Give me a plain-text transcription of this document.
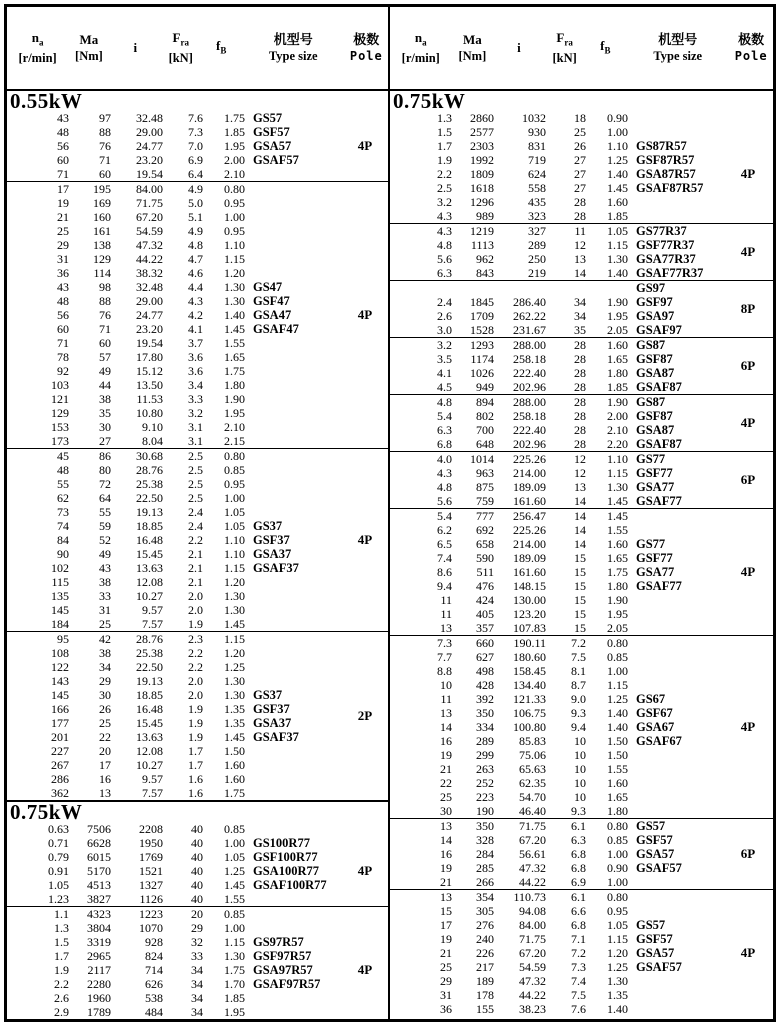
$n_a$
[r/min]
Ma
[Nm]
i
$F_{ra}$
[kN]
$f_B$
机型号
Type size
极数
Pole
$n_a$
[r/min]
Ma
[Nm]
i
$F_{ra}$
[kN]
$f_B$
机型号
Type size
极数
Pole
0.55kW
43	97	32.48	7.6	1.75
48	88	29.00	7.3	1.85
56	76	24.77	7.0	1.95
60	71	23.20	6.9	2.00
71	60	19.54	6.4	2.10
GS57
GSF57
GSA57
GSAF57
4P
17	195	84.00	4.9	0.80
19	169	71.75	5.0	0.95
21	160	67.20	5.1	1.00
25	161	54.59	4.9	0.95
29	138	47.32	4.8	1.10
31	129	44.22	4.7	1.15
36	114	38.32	4.6	1.20
43	98	32.48	4.4	1.30
48	88	29.00	4.3	1.30
56	76	24.77	4.2	1.40
60	71	23.20	4.1	1.45
71	60	19.54	3.7	1.55
78	57	17.80	3.6	1.65
92	49	15.12	3.6	1.75
103	44	13.50	3.4	1.80
121	38	11.53	3.3	1.90
129	35	10.80	3.2	1.95
153	30	9.10	3.1	2.10
173	27	8.04	3.1	2.15
GS47
GSF47
GSA47
GSAF47
4P
45	86	30.68	2.5	0.80
48	80	28.76	2.5	0.85
55	72	25.38	2.5	0.95
62	64	22.50	2.5	1.00
73	55	19.13	2.4	1.05
74	59	18.85	2.4	1.05
84	52	16.48	2.2	1.10
90	49	15.45	2.1	1.10
102	43	13.63	2.1	1.15
115	38	12.08	2.1	1.20
135	33	10.27	2.0	1.30
145	31	9.57	2.0	1.30
184	25	7.57	1.9	1.45
GS37
GSF37
GSA37
GSAF37
4P
95	42	28.76	2.3	1.15
108	38	25.38	2.2	1.20
122	34	22.50	2.2	1.25
143	29	19.13	2.0	1.30
145	30	18.85	2.0	1.30
166	26	16.48	1.9	1.35
177	25	15.45	1.9	1.35
201	22	13.63	1.9	1.45
227	20	12.08	1.7	1.50
267	17	10.27	1.7	1.60
286	16	9.57	1.6	1.60
362	13	7.57	1.6	1.75
GS37
GSF37
GSA37
GSAF37
2P
0.75kW
0.63	7506	2208	40	0.85
0.71	6628	1950	40	1.00
0.79	6015	1769	40	1.05
0.91	5170	1521	40	1.25
1.05	4513	1327	40	1.45
1.23	3827	1126	40	1.55
GS100R77
GSF100R77
GSA100R77
GSAF100R77
4P
1.1	4323	1223	20	0.85
1.3	3804	1070	29	1.00
1.5	3319	928	32	1.15
1.7	2965	824	33	1.30
1.9	2117	714	34	1.75
2.2	2280	626	34	1.70
2.6	1960	538	34	1.85
2.9	1789	484	34	1.95
GS97R57
GSF97R57
GSA97R57
GSAF97R57
4P
0.75kW
1.3	2860	1032	18	0.90
1.5	2577	930	25	1.00
1.7	2303	831	26	1.10
1.9	1992	719	27	1.25
2.2	1809	624	27	1.40
2.5	1618	558	27	1.45
3.2	1296	435	28	1.60
4.3	989	323	28	1.85
GS87R57
GSF87R57
GSA87R57
GSAF87R57
4P
4.3	1219	327	11	1.05
4.8	1113	289	12	1.15
5.6	962	250	13	1.30
6.3	843	219	14	1.40
GS77R37
GSF77R37
GSA77R37
GSAF77R37
4P
2.4	1845	286.40	34	1.90
2.6	1709	262.22	34	1.95
3.0	1528	231.67	35	2.05
GS97
GSF97
GSA97
GSAF97
8P
3.2	1293	288.00	28	1.60
3.5	1174	258.18	28	1.65
4.1	1026	222.40	28	1.80
4.5	949	202.96	28	1.85
GS87
GSF87
GSA87
GSAF87
6P
4.8	894	288.00	28	1.90
5.4	802	258.18	28	2.00
6.3	700	222.40	28	2.10
6.8	648	202.96	28	2.20
GS87
GSF87
GSA87
GSAF87
4P
4.0	1014	225.26	12	1.10
4.3	963	214.00	12	1.15
4.8	875	189.09	13	1.30
5.6	759	161.60	14	1.45
GS77
GSF77
GSA77
GSAF77
6P
5.4	777	256.47	14	1.45
6.2	692	225.26	14	1.55
6.5	658	214.00	14	1.60
7.4	590	189.09	15	1.65
8.6	511	161.60	15	1.75
9.4	476	148.15	15	1.80
11	424	130.00	15	1.90
11	405	123.20	15	1.95
13	357	107.83	15	2.05
GS77
GSF77
GSA77
GSAF77
4P
7.3	660	190.11	7.2	0.80
7.7	627	180.60	7.5	0.85
8.8	498	158.45	8.1	1.00
10	428	134.40	8.7	1.15
11	392	121.33	9.0	1.25
13	350	106.75	9.3	1.40
14	334	100.80	9.4	1.40
16	289	85.83	10	1.50
19	299	75.06	10	1.50
21	263	65.63	10	1.55
22	252	62.35	10	1.60
25	223	54.70	10	1.65
30	190	46.40	9.3	1.80
GS67
GSF67
GSA67
GSAF67
4P
13	350	71.75	6.1	0.80
14	328	67.20	6.3	0.85
16	284	56.61	6.8	1.00
19	285	47.32	6.8	0.90
21	266	44.22	6.9	1.00
GS57
GSF57
GSA57
GSAF57
6P
13	354	110.73	6.1	0.80
15	305	94.08	6.6	0.95
17	276	84.00	6.8	1.05
19	240	71.75	7.1	1.15
21	226	67.20	7.2	1.20
25	217	54.59	7.3	1.25
29	189	47.32	7.4	1.30
31	178	44.22	7.5	1.35
36	155	38.23	7.6	1.40
GS57
GSF57
GSA57
GSAF57
4P
